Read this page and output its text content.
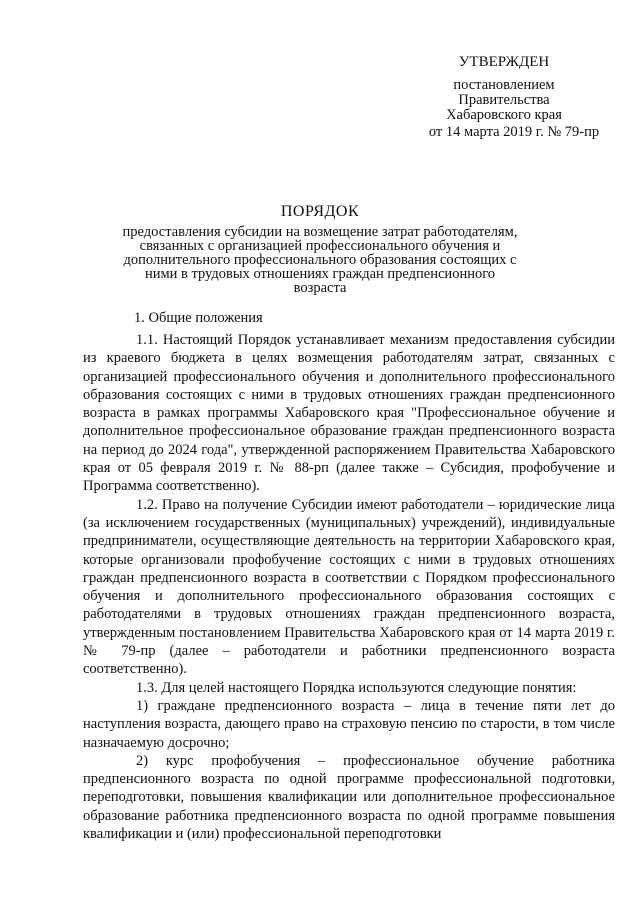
УТВЕРЖДЕН
постановлением
Правительства
Хабаровского края
от 14 марта 2019 г. № 79-пр
ПОРЯДОК
предоставления субсидии на возмещение затрат работодателям, связанных с организацией профессионального обучения и дополнительного профессионального образования состоящих с ними в трудовых отношениях граждан предпенсионного возраста
1. Общие положения

1.1. Настоящий Порядок устанавливает механизм предоставления субсидии из краевого бюджета в целях возмещения работодателям затрат, связанных с организацией профессионального обучения и дополнительного профессионального образования состоящих с ними в трудовых отношениях граждан предпенсионного возраста в рамках программы Хабаровского края "Профессиональное обучение и дополнительное профессиональное образование граждан предпенсионного возраста на период до 2024 года", утвержденной распоряжением Правительства Хабаровского края от 05 февраля 2019 г. № 88-рп (далее также – Субсидия, профобучение и Программа соответственно).

1.2. Право на получение Субсидии имеют работодатели – юридические лица (за исключением государственных (муниципальных) учреждений), индивидуальные предприниматели, осуществляющие деятельность на территории Хабаровского края, которые организовали профобучение состоящих с ними в трудовых отношениях граждан предпенсионного возраста в соответствии с Порядком профессионального обучения и дополнительного профессионального образования состоящих с работодателями в трудовых отношениях граждан предпенсионного возраста, утвержденным постановлением Правительства Хабаровского края от 14 марта 2019 г. № 79-пр (далее – работодатели и работники предпенсионного возраста соответственно).

1.3. Для целей настоящего Порядка используются следующие понятия:

1) граждане предпенсионного возраста – лица в течение пяти лет до наступления возраста, дающего право на страховую пенсию по старости, в том числе назначаемую досрочно;

2) курс профобучения – профессиональное обучение работника предпенсионного возраста по одной программе профессиональной подготовки, переподготовки, повышения квалификации или дополнительное профессиональное образование работника предпенсионного возраста по одной программе повышения квалификации и (или) профессиональной переподготовки
